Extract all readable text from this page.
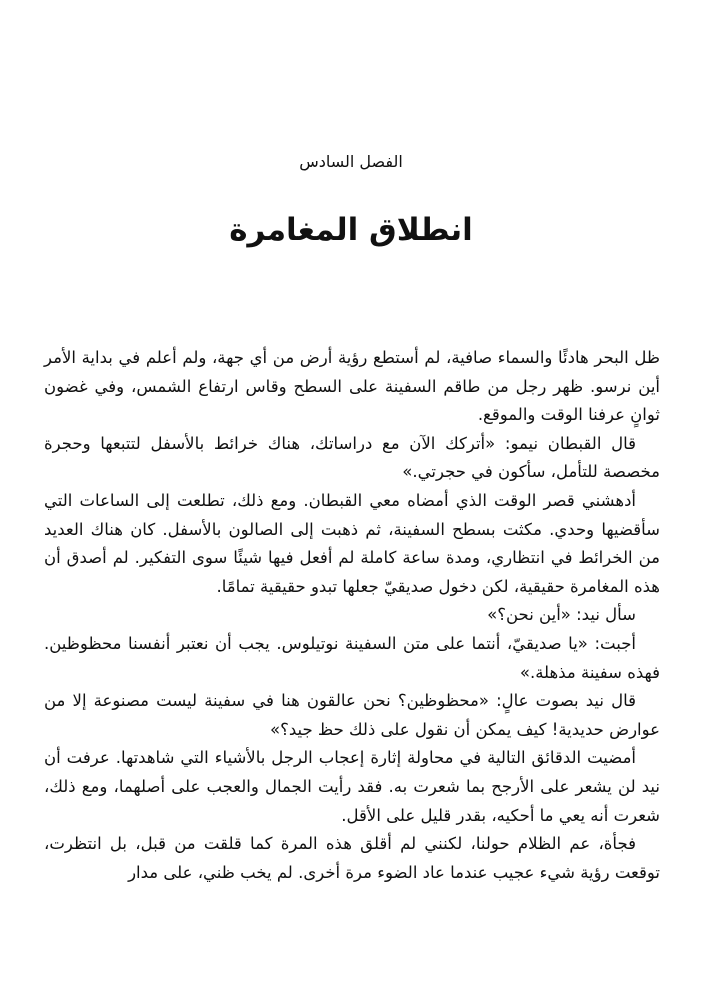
الفصل السادس
انطلاق المغامرة

ظل البحر هادئًا والسماء صافية، لم أستطع رؤية أرض من أي جهة، ولم أعلم في بداية الأمر أين نرسو. ظهر رجل من طاقم السفينة على السطح وقاس ارتفاع الشمس، وفي غضون ثوانٍ عرفنا الوقت والموقع.

قال القبطان نيمو: «أتركك الآن مع دراساتك، هناك خرائط بالأسفل لتتبعها وحجرة مخصصة للتأمل، سأكون في حجرتي.»

أدهشني قصر الوقت الذي أمضاه معي القبطان. ومع ذلك، تطلعت إلى الساعات التي سأقضيها وحدي. مكثت بسطح السفينة، ثم ذهبت إلى الصالون بالأسفل. كان هناك العديد من الخرائط في انتظاري، ومدة ساعة كاملة لم أفعل فيها شيئًا سوى التفكير. لم أصدق أن هذه المغامرة حقيقية، لكن دخول صديقيّ جعلها تبدو حقيقية تمامًا.

سأل نيد: «أين نحن؟»

أجبت: «يا صديقيّ، أنتما على متن السفينة نوتيلوس. يجب أن نعتبر أنفسنا محظوظين. فهذه سفينة مذهلة.»

قال نيد بصوت عالٍ: «محظوظين؟ نحن عالقون هنا في سفينة ليست مصنوعة إلا من عوارض حديدية! كيف يمكن أن نقول على ذلك حظ جيد؟»

أمضيت الدقائق التالية في محاولة إثارة إعجاب الرجل بالأشياء التي شاهدتها. عرفت أن نيد لن يشعر على الأرجح بما شعرت به. فقد رأيت الجمال والعجب على أصلهما، ومع ذلك، شعرت أنه يعي ما أحكيه، بقدر قليل على الأقل.

فجأة، عم الظلام حولنا، لكنني لم أقلق هذه المرة كما قلقت من قبل، بل انتظرت، توقعت رؤية شيء عجيب عندما عاد الضوء مرة أخرى. لم يخب ظني، على مدار
